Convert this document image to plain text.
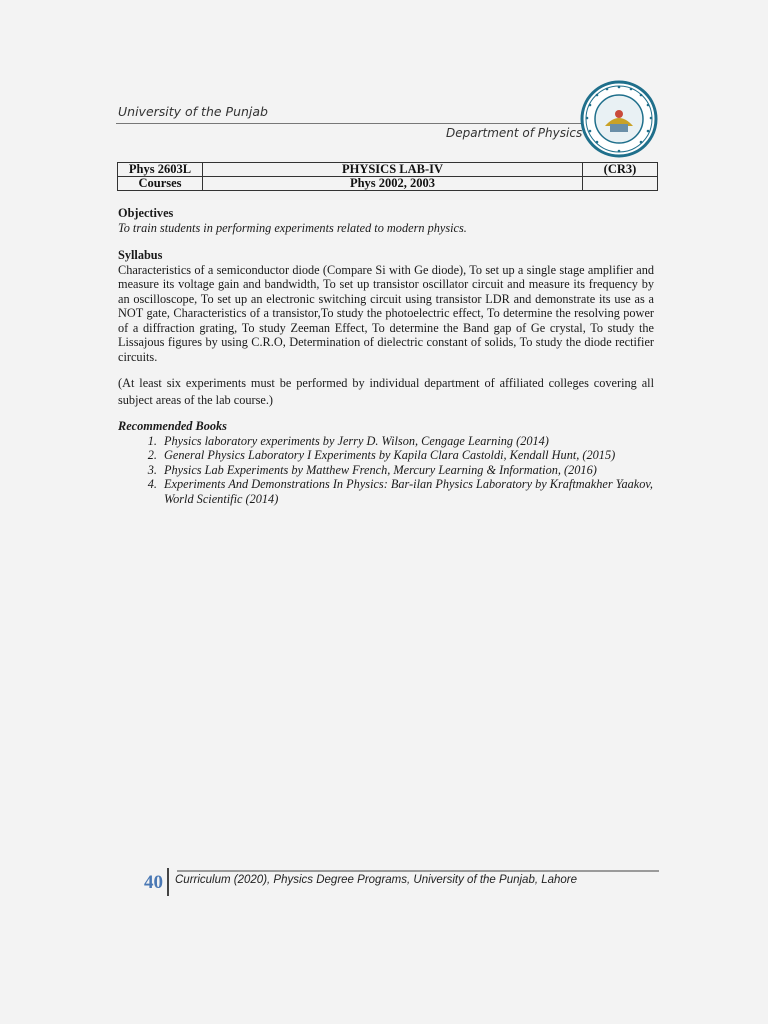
University of the Punjab
Department of Physics
Phys 2603L	PHYSICS LAB-IV	(CR3)
Courses	Phys 2002, 2003	
Objectives
To train students in performing experiments related to modern physics.
Syllabus

Characteristics of a semiconductor diode (Compare Si with Ge diode), To set up a single stage amplifier and measure its voltage gain and bandwidth, To set up transistor oscillator circuit and measure its frequency by an oscilloscope, To set up an electronic switching circuit using transistor LDR and demonstrate its use as a NOT gate, Characteristics of a transistor,To study the photoelectric effect, To determine the resolving power of a diffraction grating, To study Zeeman Effect, To determine the Band gap of Ge crystal, To study the Lissajous figures by using C.R.O, Determination of dielectric constant of solids, To study the diode rectifier circuits.

(At least six experiments must be performed by individual department of affiliated colleges covering all subject areas of the lab course.)

Recommended Books
1. Physics laboratory experiments by Jerry D. Wilson, Cengage Learning (2014)
2. General Physics Laboratory I Experiments by Kapila Clara Castoldi, Kendall Hunt, (2015)
3. Physics Lab Experiments by Matthew French, Mercury Learning & Information, (2016)
4. Experiments And Demonstrations In Physics: Bar-ilan Physics Laboratory by Kraftmakher Yaakov, World Scientific (2014)
40 Curriculum (2020), Physics Degree Programs, University of the Punjab, Lahore
